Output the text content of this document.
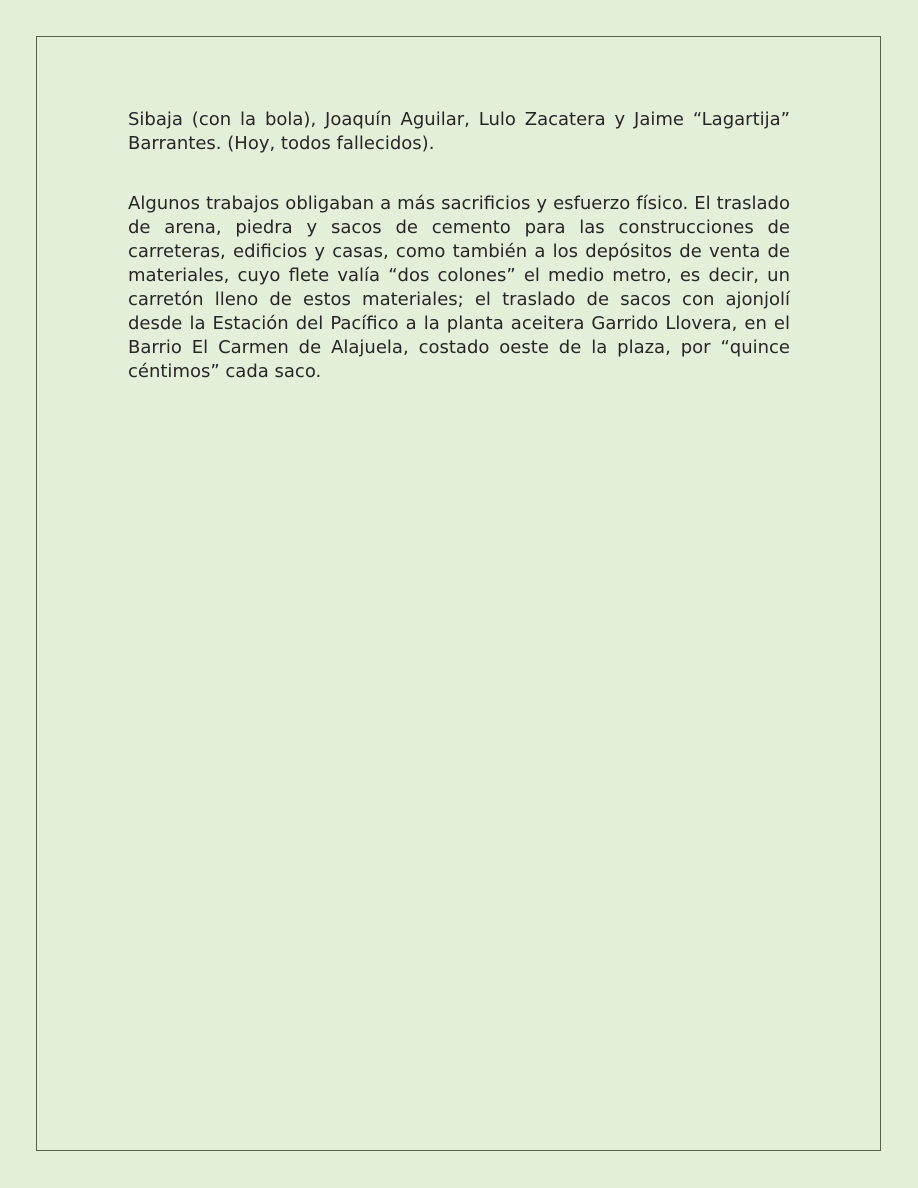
Sibaja (con la bola), Joaquín Aguilar, Lulo Zacatera y Jaime “Lagartija” Barrantes. (Hoy, todos fallecidos).

Algunos trabajos obligaban a más sacrificios y esfuerzo físico. El traslado de arena, piedra y sacos de cemento para las construcciones de carreteras, edificios y casas, como también a los depósitos de venta de materiales, cuyo flete valía “dos colones” el medio metro, es decir, un carretón lleno de estos materiales; el traslado de sacos con ajonjolí desde la Estación del Pacífico a la planta aceitera Garrido Llovera, en el Barrio El Carmen de Alajuela, costado oeste de la plaza, por “quince céntimos” cada saco.
